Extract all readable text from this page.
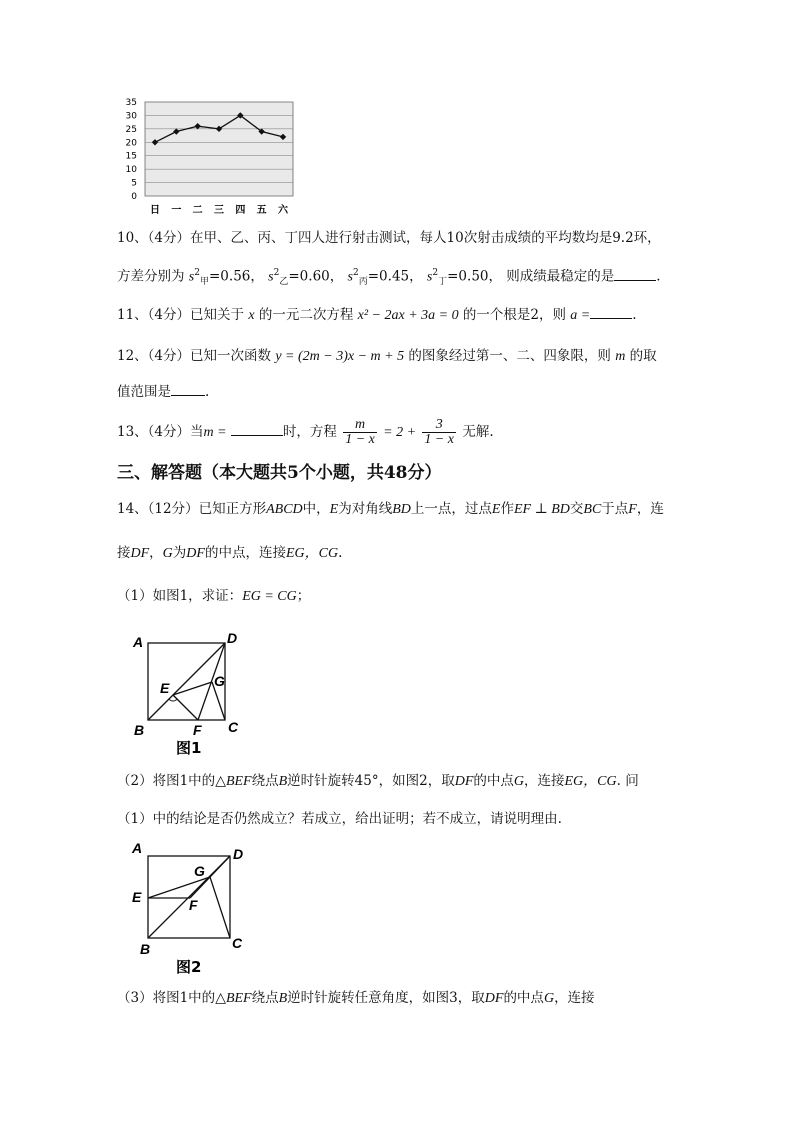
0
5
10
15
20
25
30
35
日 一 二 三 四 五 六
10、（4分）在甲、乙、丙、丁四人进行射击测试，每人10次射击成绩的平均数均是9.2环，
方差分别为 $s^2_甲=0.56$， $s^2_乙=0.60$， $s^2_丙=0.45$， $s^2_丁=0.50$， 则成绩最稳定的是	.
11、（4分）已知关于 x 的一元二次方程 x² − 2ax + 3a = 0 的一个根是2，则 a =	.
12、（4分）已知一次函数 y = (2m − 3)x − m + 5 的图象经过第一、二、四象限，则 m 的取
值范围是	.
13、（4分）当m =	时，方程 $\frac{m}{1 - x} = 2 + \frac{3}{1 - x}$ 无解.
三、解答题（本大题共5个小题，共48分）
14、（12分）已知正方形ABCD中，E为对角线BD上一点，过点E作EF ⊥ BD交BC于点F，连
接DF，G为DF的中点，连接EG，CG.
（1）如图1，求证：EG = CG；
A	D
E	G
B	F C
图1
（2）将图1中的△BEF绕点B逆时针旋转45°，如图2，取DF的中点G，连接EG，CG. 问
（1）中的结论是否仍然成立？若成立，给出证明；若不成立，请说明理由.
A	D
G
E	F
B	C
图2
（3）将图1中的△BEF绕点B逆时针旋转任意角度，如图3，取DF的中点G，连接
